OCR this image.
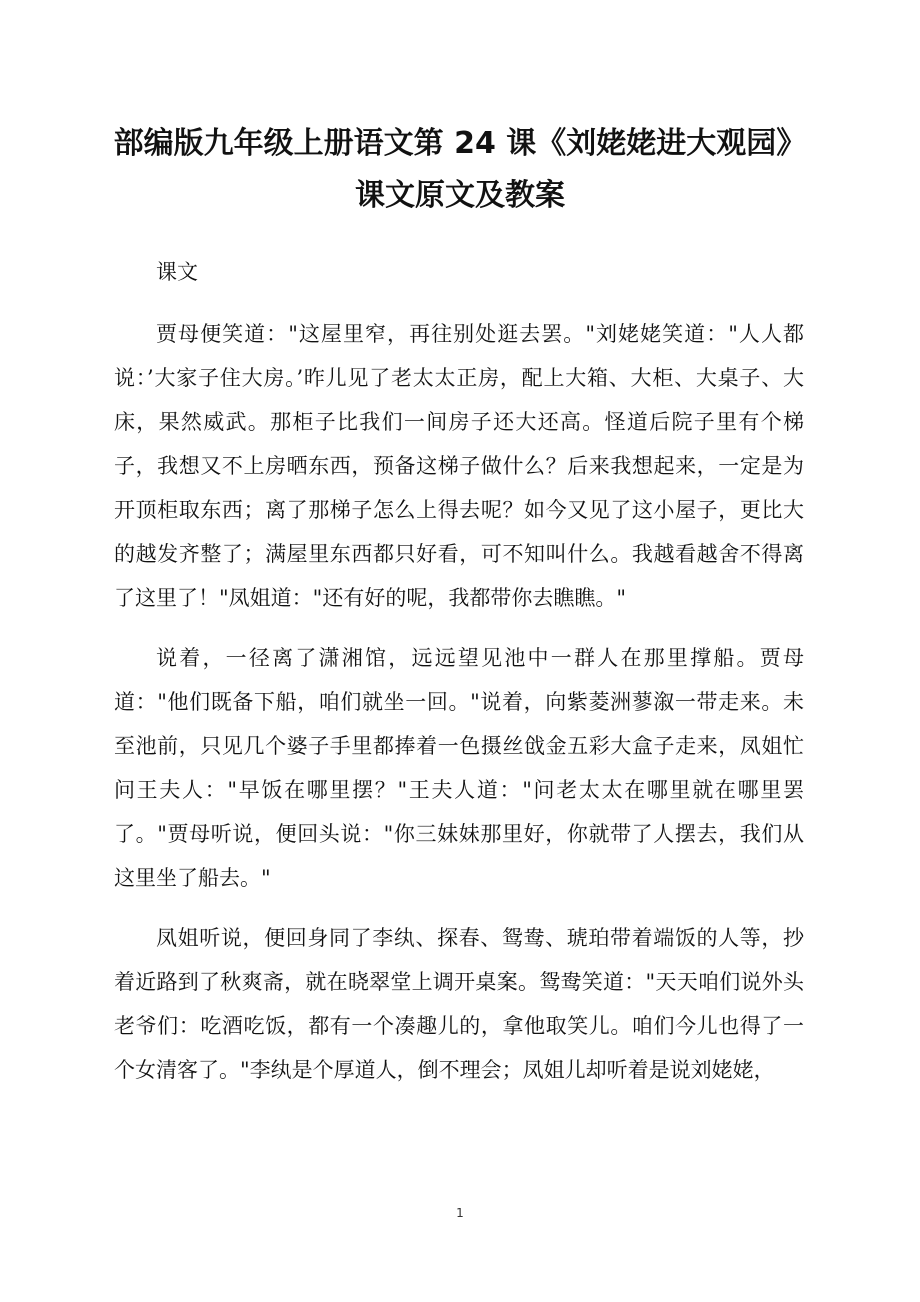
部编版九年级上册语文第 24 课《刘姥姥进大观园》课文原文及教案

课文

贾母便笑道："这屋里窄，再往别处逛去罢。"刘姥姥笑道："人人都说：’大家子住大房。’昨儿见了老太太正房，配上大箱、大柜、大桌子、大床，果然威武。那柜子比我们一间房子还大还高。怪道后院子里有个梯子，我想又不上房晒东西，预备这梯子做什么？后来我想起来，一定是为开顶柜取东西；离了那梯子怎么上得去呢？如今又见了这小屋子，更比大的越发齐整了；满屋里东西都只好看，可不知叫什么。我越看越舍不得离了这里了！"凤姐道："还有好的呢，我都带你去瞧瞧。"

说着，一径离了潇湘馆，远远望见池中一群人在那里撑船。贾母道："他们既备下船，咱们就坐一回。"说着，向紫菱洲蓼溆一带走来。未至池前，只见几个婆子手里都捧着一色摄丝戗金五彩大盒子走来，凤姐忙问王夫人："早饭在哪里摆？"王夫人道："问老太太在哪里就在哪里罢了。"贾母听说，便回头说："你三妹妹那里好，你就带了人摆去，我们从这里坐了船去。"

凤姐听说，便回身同了李纨、探春、鸳鸯、琥珀带着端饭的人等，抄着近路到了秋爽斋，就在晓翠堂上调开桌案。鸳鸯笑道："天天咱们说外头老爷们：吃酒吃饭，都有一个凑趣儿的，拿他取笑儿。咱们今儿也得了一个女清客了。"李纨是个厚道人，倒不理会；凤姐儿却听着是说刘姥姥，

1
